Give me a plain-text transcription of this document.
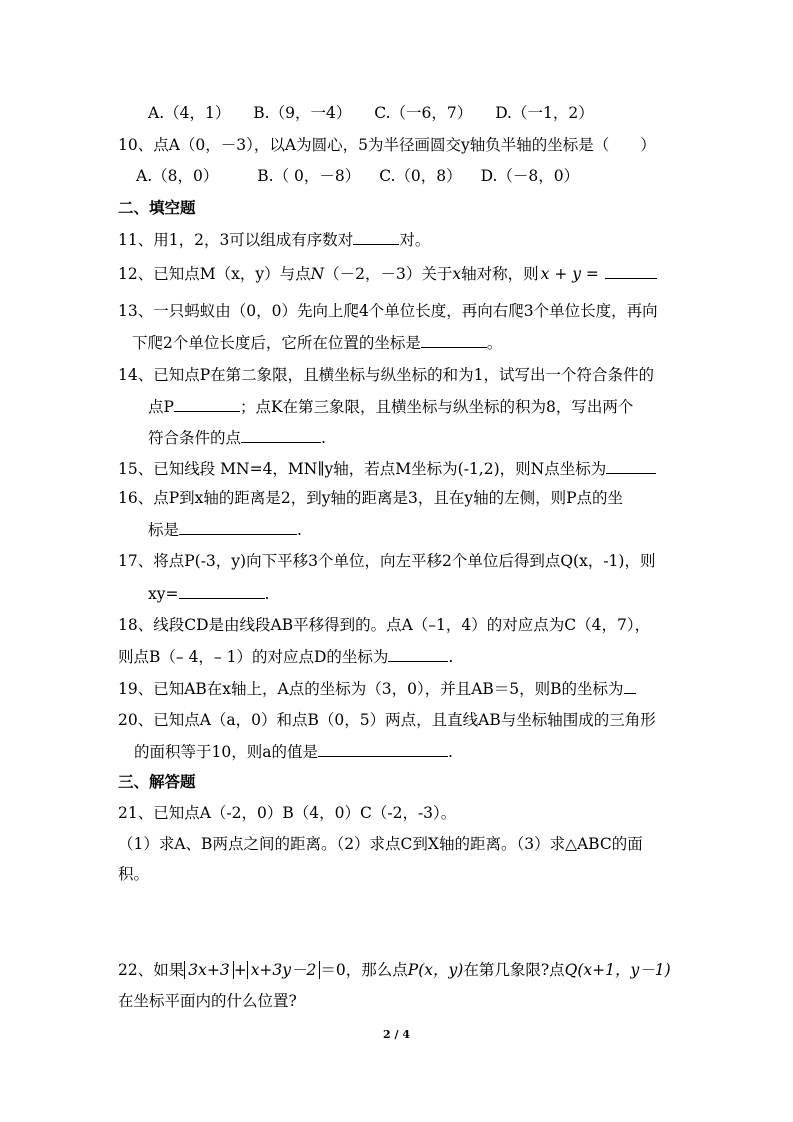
A.（4，1） B.（9，一4） C.（一6，7） D.（一1，2）
10、点A（0，－3），以A为圆心，5为半径画圆交y轴负半轴的坐标是（　　）
A.（8，0）	B.（ 0，－8） C.（0，8） D.（－8，0）
二、填空题
11、用1，2，3可以组成有序数对	对。
12、已知点M（x，y）与点N（－2，－3）关于x轴对称，则 x + y =
13、一只蚂蚁由（0，0）先向上爬4个单位长度，再向右爬3个单位长度，再向
下爬2个单位长度后，它所在位置的坐标是	。
14、已知点P在第二象限，且横坐标与纵坐标的和为1，试写出一个符合条件的
点P	；点K在第三象限，且横坐标与纵坐标的积为8，写出两个
符合条件的点	.
15、已知线段 MN=4，MN∥y轴，若点M坐标为(-1,2)，则N点坐标为
16、点P到x轴的距离是2，到y轴的距离是3，且在y轴的左侧，则P点的坐
标是	.
17、将点P(-3，y)向下平移3个单位，向左平移2个单位后得到点Q(x，-1)，则
xy=	.
18、线段CD是由线段AB平移得到的。点A（–1，4）的对应点为C（4，7），
则点B（– 4，– 1）的对应点D的坐标为	.
19、已知AB在x轴上，A点的坐标为（3，0），并且AB＝5，则B的坐标为
20、已知点A（a，0）和点B（0，5）两点，且直线AB与坐标轴围成的三角形
的面积等于10，则a的值是	.
三、解答题
21、已知点A（-2，0）B（4，0）C（-2，-3）。
（1）求A、B两点之间的距离。（2）求点C到X轴的距离。（3）求△ABC的面
积。
22、如果 3x+3 + x+3y－2 ＝0，那么点P(x，y)在第几象限?点Q(x+1，y－1)
在坐标平面内的什么位置?
2 / 4
